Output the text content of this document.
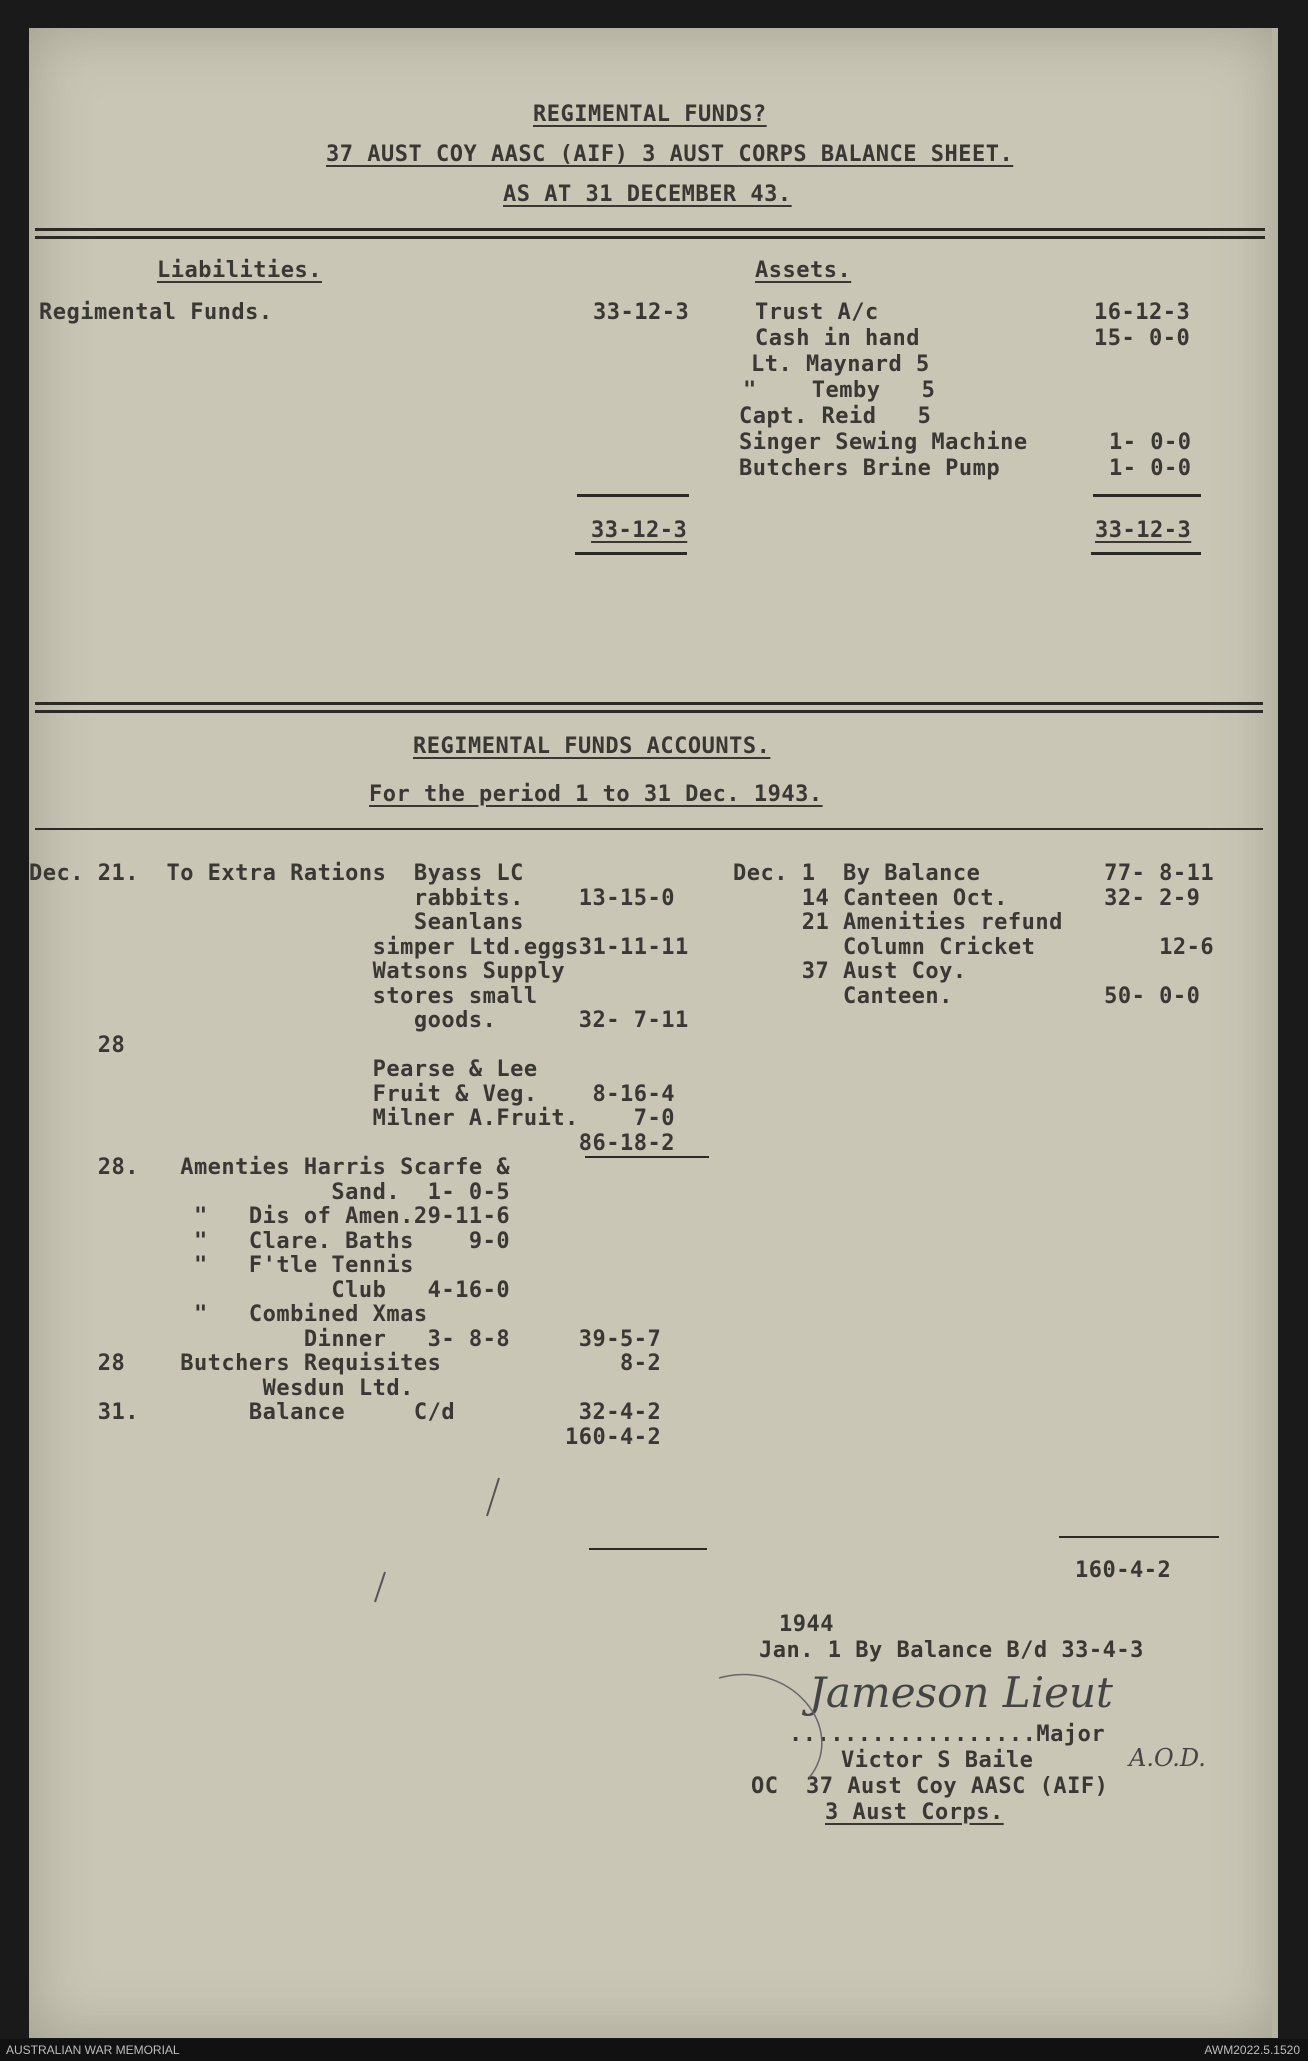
REGIMENTAL FUNDS?
37 AUST COY AASC (AIF) 3 AUST CORPS BALANCE SHEET.
AS AT 31 DECEMBER 43.
Liabilities.	Assets.
Regimental Funds.	33-12-3	Trust A/c	16-12-3
Cash in hand	15- 0-0
Lt. Maynard 5
"    Temby   5
Capt. Reid   5
Singer Sewing Machine	1- 0-0
Butchers Brine Pump	1- 0-0
33-12-3	33-12-3
REGIMENTAL FUNDS ACCOUNTS.
For the period 1 to 31 Dec. 1943.
Dec. 21.  To Extra Rations  Byass LC
rabbits.    13-15-0
Seanlans
simper Ltd.eggs31-11-11
Watsons Supply
stores small
goods.      32- 7-11
28
Pearse & Lee
Fruit & Veg.    8-16-4
Milner A.Fruit.    7-0
86-18-2
28.   Amenties Harris Scarfe &
Sand.  1- 0-5
"   Dis of Amen.29-11-6
"   Clare. Baths    9-0
"   F'tle Tennis
Club   4-16-0
"   Combined Xmas
Dinner   3- 8-8     39-5-7
28    Butchers Requisites             8-2
Wesdun Ltd.
31.        Balance     C/d         32-4-2
160-4-2
Dec. 1  By Balance         77- 8-11
14 Canteen Oct.       32- 2-9
21 Amenities refund
Column Cricket         12-6
37 Aust Coy.
Canteen.           50- 0-0
160-4-2
1944
Jan. 1 By Balance B/d 33-4-3
Jameson Lieut
..................Major
Victor S Baile	A.O.D.
OC  37 Aust Coy AASC (AIF)
3 Aust Corps.
AUSTRALIAN WAR MEMORIAL	AWM2022.5.1520
